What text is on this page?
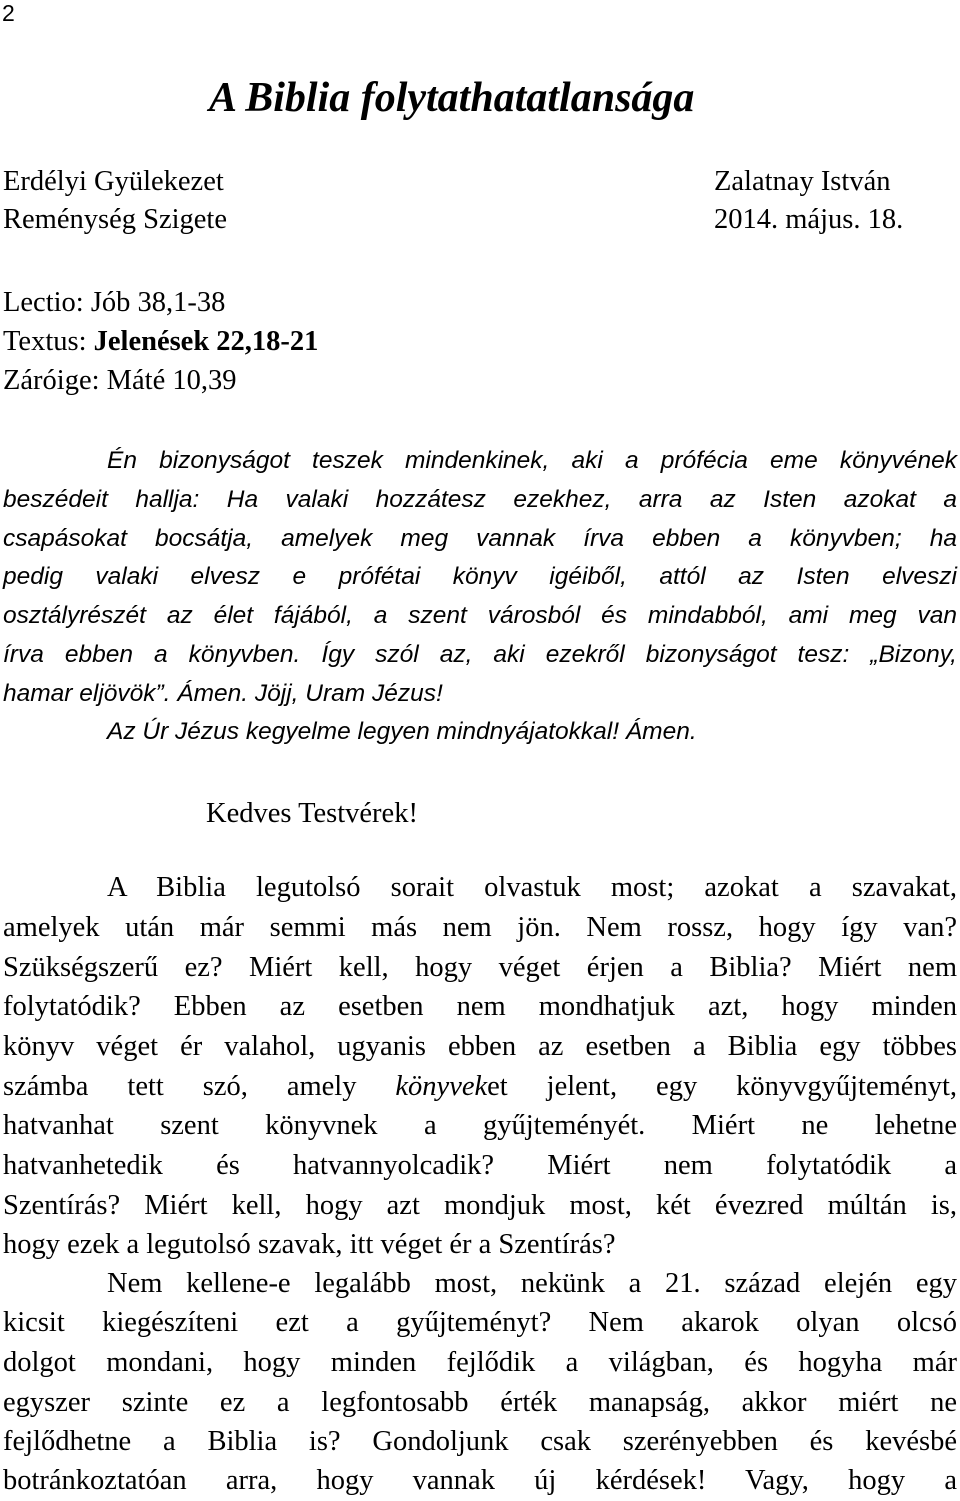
2
A Biblia folytathatatlansága
Erdélyi Gyülekezet
Reménység Szigete
Zalatnay István
2014. május. 18.
Lectio: Jób 38,1-38
Textus: Jelenések 22,18-21
Záróige: Máté 10,39
Én bizonyságot teszek mindenkinek, aki a prófécia eme könyvének
beszédeit hallja: Ha valaki hozzátesz ezekhez, arra az Isten azokat a
csapásokat bocsátja, amelyek meg vannak írva ebben a könyvben; ha
pedig valaki elvesz e prófétai könyv igéiből, attól az Isten elveszi
osztályrészét az élet fájából, a szent városból és mindabból, ami meg van
írva ebben a könyvben. Így szól az, aki ezekről bizonyságot tesz: „Bizony,
hamar eljövök”. Ámen. Jöjj, Uram Jézus!
Az Úr Jézus kegyelme legyen mindnyájatokkal! Ámen.
Kedves Testvérek!
A Biblia legutolsó sorait olvastuk most; azokat a szavakat,
amelyek után már semmi más nem jön. Nem rossz, hogy így van?
Szükségszerű ez? Miért kell, hogy véget érjen a Biblia? Miért nem
folytatódik? Ebben az esetben nem mondhatjuk azt, hogy minden
könyv véget ér valahol, ugyanis ebben az esetben a Biblia egy többes
számba tett szó, amely könyveket jelent, egy könyvgyűjteményt,
hatvanhat szent könyvnek a gyűjteményét. Miért ne lehetne
hatvanhetedik és hatvannyolcadik? Miért nem folytatódik a
Szentírás? Miért kell, hogy azt mondjuk most, két évezred múltán is,
hogy ezek a legutolsó szavak, itt véget ér a Szentírás?
Nem kellene-e legalább most, nekünk a 21. század elején egy
kicsit kiegészíteni ezt a gyűjteményt? Nem akarok olyan olcsó
dolgot mondani, hogy minden fejlődik a világban, és hogyha már
egyszer szinte ez a legfontosabb érték manapság, akkor miért ne
fejlődhetne a Biblia is? Gondoljunk csak szerényebben és kevésbé
botránkoztatóan arra, hogy vannak új kérdések! Vagy, hogy a
